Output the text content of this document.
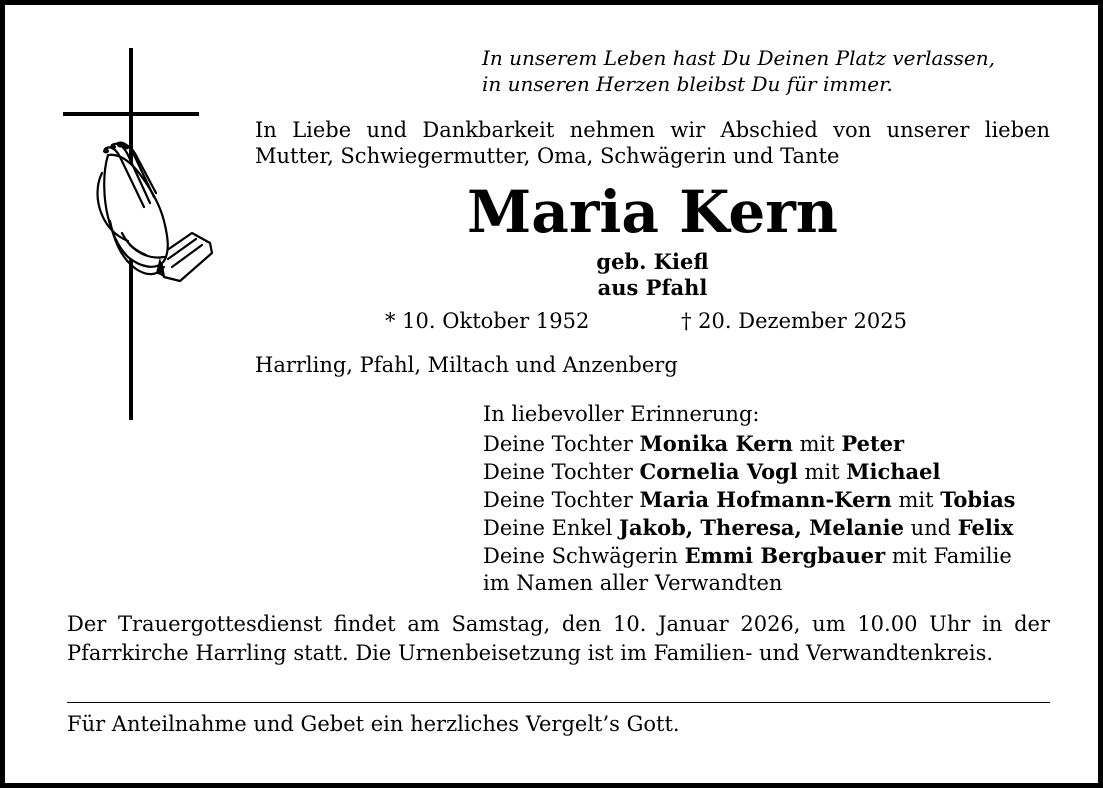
In unserem Leben hast Du Deinen Platz verlassen,
in unseren Herzen bleibst Du für immer.
In Liebe und Dankbarkeit nehmen wir Abschied von unserer lieben Mutter, Schwiegermutter, Oma, Schwägerin und Tante
Maria Kern
geb. Kiefl
aus Pfahl
* 10. Oktober 1952	† 20. Dezember 2025
Harrling, Pfahl, Miltach und Anzenberg
In liebevoller Erinnerung:
Deine Tochter Monika Kern mit Peter
Deine Tochter Cornelia Vogl mit Michael
Deine Tochter Maria Hofmann-Kern mit Tobias
Deine Enkel Jakob, Theresa, Melanie und Felix
Deine Schwägerin Emmi Bergbauer mit Familie
im Namen aller Verwandten
Der Trauergottesdienst findet am Samstag, den 10. Januar 2026, um 10.00 Uhr in der Pfarrkirche Harrling statt. Die Urnenbeisetzung ist im Familien- und Verwandtenkreis.
Für Anteilnahme und Gebet ein herzliches Vergelt’s Gott.
